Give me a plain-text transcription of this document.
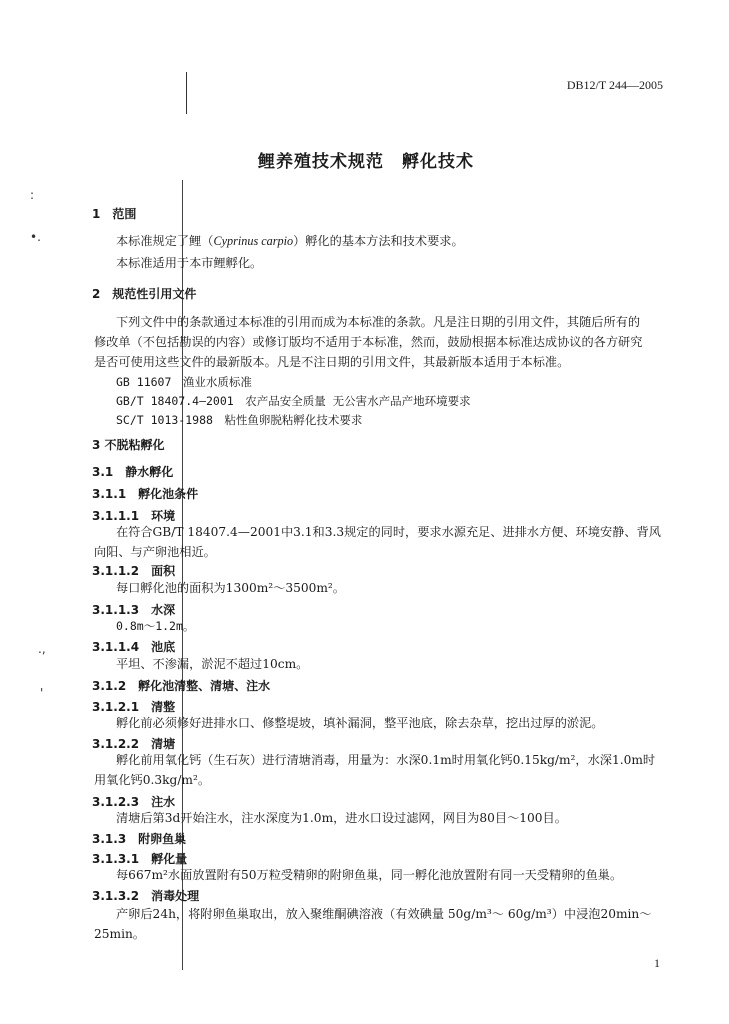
:
•.
.,
'
DB12/T 244—2005
鲤养殖技术规范　孵化技术
1　范围
本标准规定了鲤（Cyprinus carpio）孵化的基本方法和技术要求。
本标准适用于本市鲤孵化。
2　规范性引用文件
下列文件中的条款通过本标准的引用而成为本标准的条款。凡是注日期的引用文件，其随后所有的
修改单（不包括勘误的内容）或修订版均不适用于本标准，然而，鼓励根据本标准达成协议的各方研究
是否可使用这些文件的最新版本。凡是不注日期的引用文件，其最新版本适用于本标准。
GB 11607　渔业水质标准
GB/T 18407.4—2001　农产品安全质量 无公害水产品产地环境要求
SC/T 1013-1988　粘性鱼卵脱粘孵化技术要求
3 不脱粘孵化
3.1　静水孵化
3.1.1　孵化池条件
3.1.1.1　环境
在符合GB/T 18407.4—2001中3.1和3.3规定的同时，要求水源充足、进排水方便、环境安静、背风
向阳、与产卵池相近。
3.1.1.2　面积
每口孵化池的面积为1300m²～3500m²。
3.1.1.3　水深
0.8m～1.2m。
3.1.1.4　池底
平坦、不渗漏，淤泥不超过10cm。
3.1.2　孵化池清整、清塘、注水
3.1.2.1　清整
孵化前必须修好进排水口、修整堤坡，填补漏洞，整平池底，除去杂草，挖出过厚的淤泥。
3.1.2.2　清塘
孵化前用氧化钙（生石灰）进行清塘消毒，用量为：水深0.1m时用氧化钙0.15kg/m²，水深1.0m时
用氧化钙0.3kg/m²。
3.1.2.3　注水
清塘后第3d开始注水，注水深度为1.0m，进水口设过滤网，网目为80目～100目。
3.1.3　附卵鱼巢
3.1.3.1　孵化量
每667m²水面放置附有50万粒受精卵的附卵鱼巢，同一孵化池放置附有同一天受精卵的鱼巢。
3.1.3.2　消毒处理
产卵后24h，将附卵鱼巢取出，放入聚维酮碘溶液（有效碘量 50g/m³～ 60g/m³）中浸泡20min～
25min。
1
